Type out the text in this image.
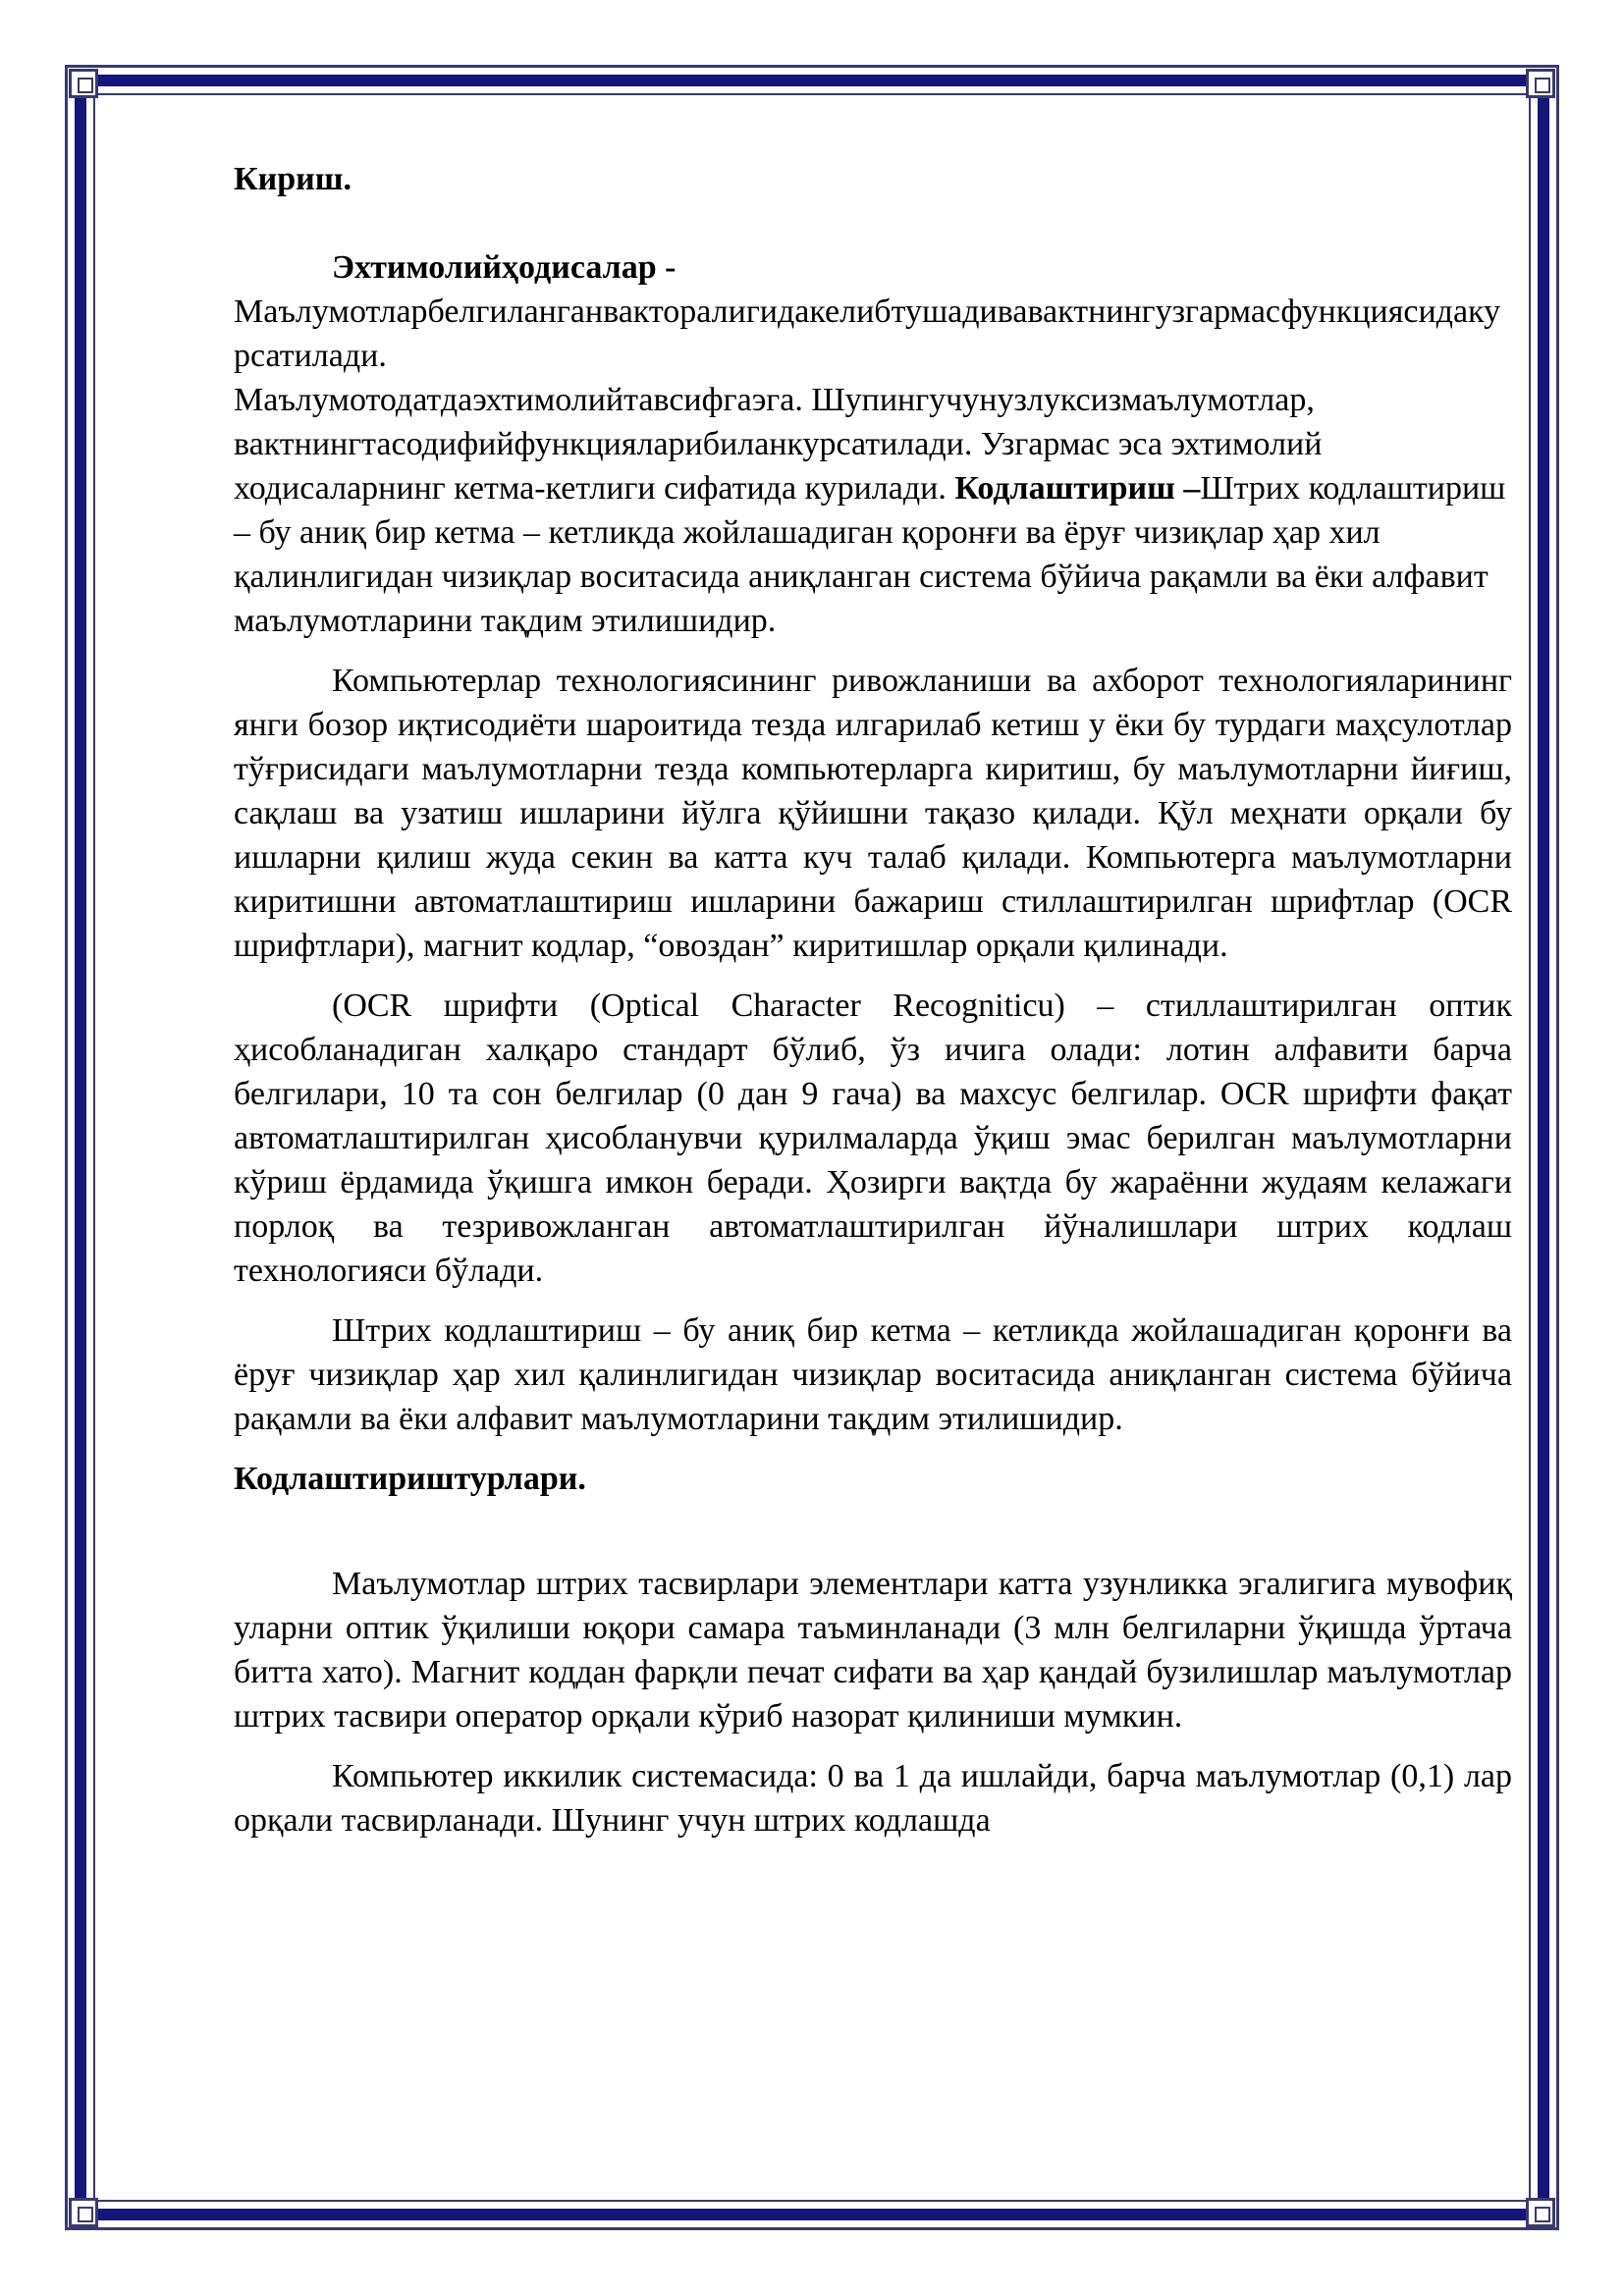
Кириш.

Эхтимолийҳодисалар -
Маълумотларбелгиланганвакторалигидакелибтушадивавактнингузгармасфункциясидакурсатилади.
Маълумотодатдаэхтимолийтавсифгаэга. Шупингучунузлуксизмаълумотлар, вактнингтасодифийфункцияларибиланкурсатилади. Узгармас эса эхтимолий ходисаларнинг кетма-кетлиги сифатида курилади. Кодлаштириш –Штрих кодлаштириш – бу аниқ бир кетма – кетликда жойлашадиган қоронғи ва ёруғ чизиқлар ҳар хил қалинлигидан чизиқлар воситасида аниқланган система бўйича рақамли ва ёки алфавит маълумотларини тақдим этилишидир.

Компьютерлар технологиясининг ривожланиши ва ахборот технологияларининг янги бозор иқтисодиёти шароитида тезда илгарилаб кетиш у ёки бу турдаги маҳсулотлар тўғрисидаги маълумотларни тезда компьютерларга киритиш, бу маълумотларни йиғиш, сақлаш ва узатиш ишларини йўлга қўйишни тақазо қилади. Қўл меҳнати орқали бу ишларни қилиш жуда секин ва катта куч талаб қилади. Компьютерга маълумотларни киритишни автоматлаштириш ишларини бажариш стиллаштирилган шрифтлар (OCR шрифтлари), магнит кодлар, “овоздан” киритишлар орқали қилинади.

(OCR шрифти (Optical Character Recogniticu) – стиллаштирилган оптик ҳисобланадиган халқаро стандарт бўлиб, ўз ичига олади: лотин алфавити барча белгилари, 10 та сон белгилар (0 дан 9 гача) ва махсус белгилар. OCR шрифти фақат автоматлаштирилган ҳисобланувчи қурилмаларда ўқиш эмас берилган маълумотларни кўриш ёрдамида ўқишга имкон беради. Ҳозирги вақтда бу жараённи жудаям келажаги порлоқ ва тезривожланган автоматлаштирилган йўналишлари штрих кодлаш технологияси бўлади.

Штрих кодлаштириш – бу аниқ бир кетма – кетликда жойлашадиган қоронғи ва ёруғ чизиқлар ҳар хил қалинлигидан чизиқлар воситасида аниқланган система бўйича рақамли ва ёки алфавит маълумотларини тақдим этилишидир.

Кодлаштириштурлари.

Маълумотлар штрих тасвирлари элементлари катта узунликка эгалигига мувофиқ уларни оптик ўқилиши юқори самара таъминланади (3 млн белгиларни ўқишда ўртача битта хато). Магнит коддан фарқли печат сифати ва ҳар қандай бузилишлар маълумотлар штрих тасвири оператор орқали кўриб назорат қилиниши мумкин.

Компьютер иккилик системасида: 0 ва 1 да ишлайди, барча маълумотлар (0,1) лар орқали тасвирланади. Шунинг учун штрих кодлашда
